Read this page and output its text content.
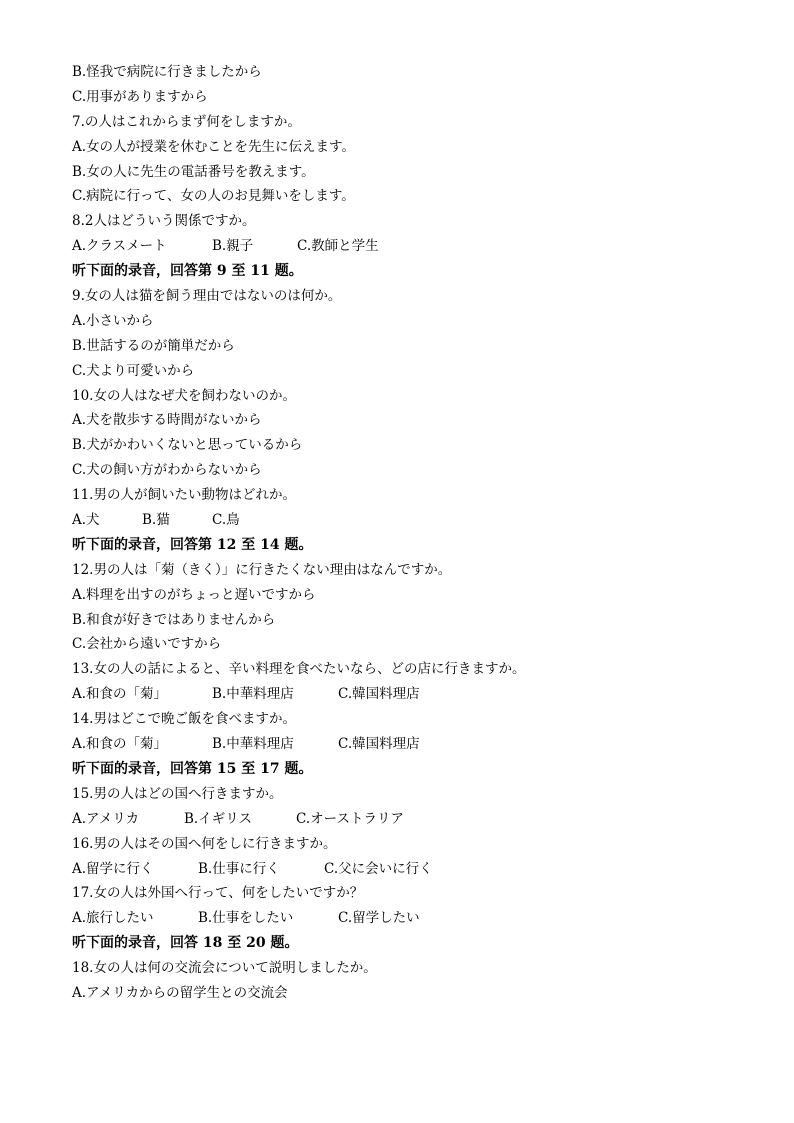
B.怪我で病院に行きましたから
C.用事がありますから
7.の人はこれからまず何をしますか。
A.女の人が授業を休むことを先生に伝えます。
B.女の人に先生の電話番号を教えます。
C.病院に行って、女の人のお見舞いをします。
8.2人はどういう関係ですか。
A.クラスメート	B.親子	C.教師と学生
听下面的录音，回答第 9 至 11 题。
9.女の人は猫を飼う理由ではないのは何か。
A.小さいから
B.世話するのが簡単だから
C.犬より可愛いから
10.女の人はなぜ犬を飼わないのか。
A.犬を散歩する時間がないから
B.犬がかわいくないと思っているから
C.犬の飼い方がわからないから
11.男の人が飼いたい動物はどれか。
A.犬	B.猫	C.鳥
听下面的录音，回答第 12 至 14 题。
12.男の人は「菊（きく）」に行きたくない理由はなんですか。
A.料理を出すのがちょっと遅いですから
B.和食が好きではありませんから
C.会社から遠いですから
13.女の人の話によると、辛い料理を食べたいなら、どの店に行きますか。
A.和食の「菊」	B.中華料理店	C.韓国料理店
14.男はどこで晩ご飯を食べますか。
A.和食の「菊」	B.中華料理店	C.韓国料理店
听下面的录音，回答第 15 至 17 题。
15.男の人はどの国へ行きますか。
A.アメリカ	B.イギリス	C.オーストラリア
16.男の人はその国へ何をしに行きますか。
A.留学に行く	B.仕事に行く	C.父に会いに行く
17.女の人は外国へ行って、何をしたいですか？
A.旅行したい	B.仕事をしたい	C.留学したい
听下面的录音，回答 18 至 20 题。
18.女の人は何の交流会について説明しましたか。
A.アメリカからの留学生との交流会
